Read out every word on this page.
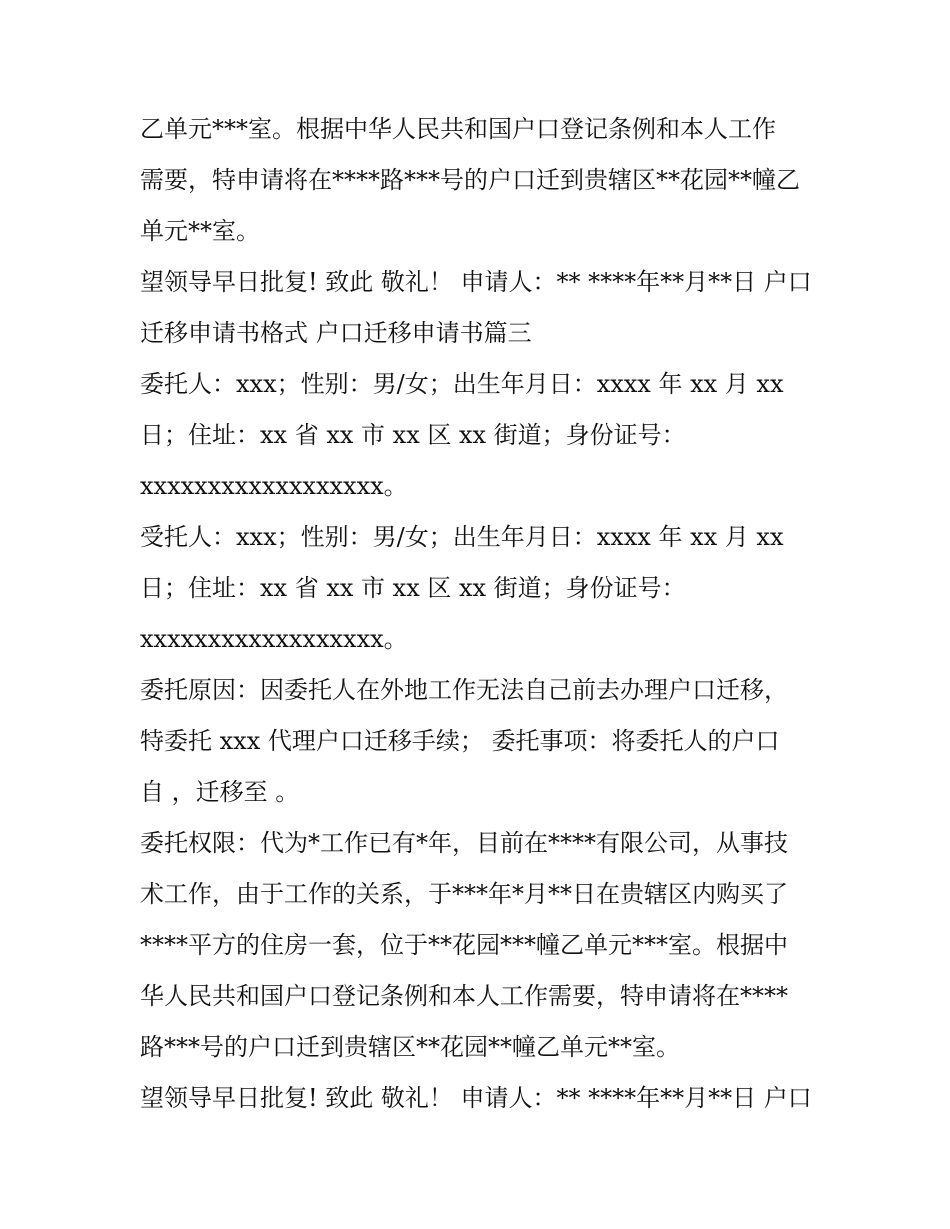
乙单元***室。根据中华人民共和国户口登记条例和本人工作
需要，特申请将在****路***号的户口迁到贵辖区**花园**幢乙
单元**室。
望领导早日批复! 致此 敬礼！ 申请人：** ****年**月**日 户口
迁移申请书格式 户口迁移申请书篇三
委托人：xxx；性别：男/女；出生年月日：xxxx 年 xx 月 xx
日；住址：xx 省 xx 市 xx 区 xx 街道；身份证号：
xxxxxxxxxxxxxxxxxx。
受托人：xxx；性别：男/女；出生年月日：xxxx 年 xx 月 xx
日；住址：xx 省 xx 市 xx 区 xx 街道；身份证号：
xxxxxxxxxxxxxxxxxx。
委托原因：因委托人在外地工作无法自己前去办理户口迁移，
特委托 xxx 代理户口迁移手续； 委托事项：将委托人的户口
自 ，迁移至 。
委托权限：代为*工作已有*年，目前在****有限公司，从事技
术工作，由于工作的关系，于***年*月**日在贵辖区内购买了
****平方的住房一套，位于**花园***幢乙单元***室。根据中
华人民共和国户口登记条例和本人工作需要，特申请将在****
路***号的户口迁到贵辖区**花园**幢乙单元**室。
望领导早日批复! 致此 敬礼！ 申请人：** ****年**月**日 户口
